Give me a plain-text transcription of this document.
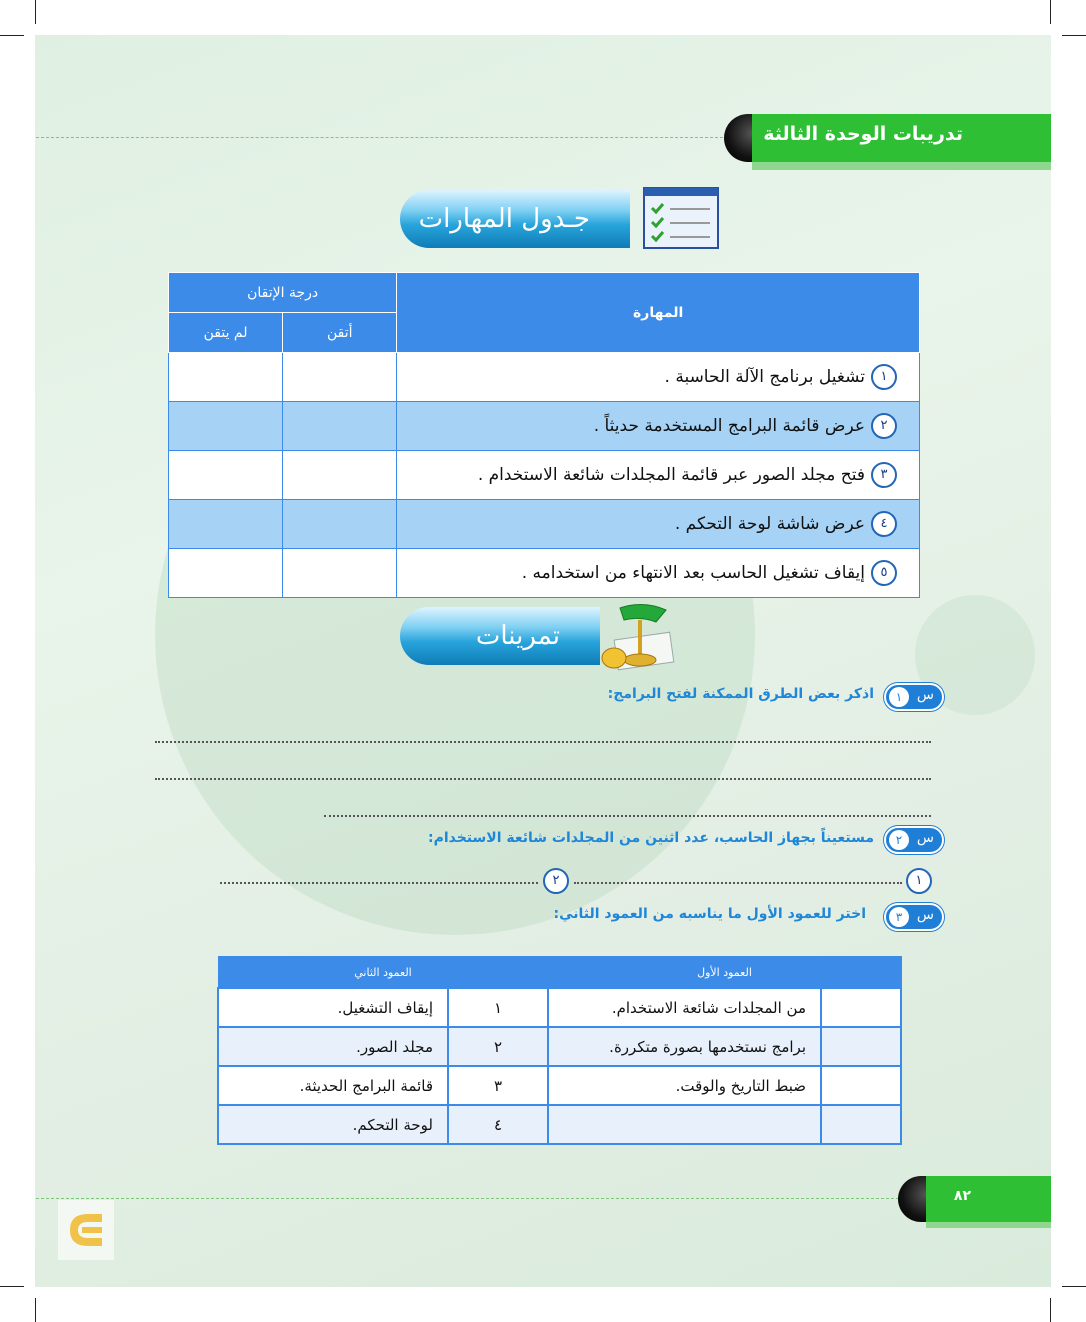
تدريبات الوحدة الثالثة
جـدول المهارات
المهارة	درجة الإتقان	
	أتقن	لم يتقن
١تشغيل برنامج الآلة الحاسبة .		
٢عرض قائمة البرامج المستخدمة حديثاً .		
٣فتح مجلد الصور عبر قائمة المجلدات شائعة الاستخدام .		
٤عرض شاشة لوحة التحكم .		
٥إيقاف تشغيل الحاسب بعد الانتهاء من استخدامه .		
تمرينات
س
١
اذكر بعض الطرق الممكنة لفتح البرامج:
س
٢
مستعيناً بجهاز الحاسب، عدد اثنين من المجلدات شائعة الاستخدام:
١
٢
س
٣
اختر للعمود الأول ما يناسبه من العمود الثاني:
العمود الأول		العمود الثاني	
	من المجلدات شائعة الاستخدام.	١	إيقاف التشغيل.
	برامج نستخدمها بصورة متكررة.	٢	مجلد الصور.
	ضبط التاريخ والوقت.	٣	قائمة البرامج الحديثة.
		٤	لوحة التحكم.
٨٢
